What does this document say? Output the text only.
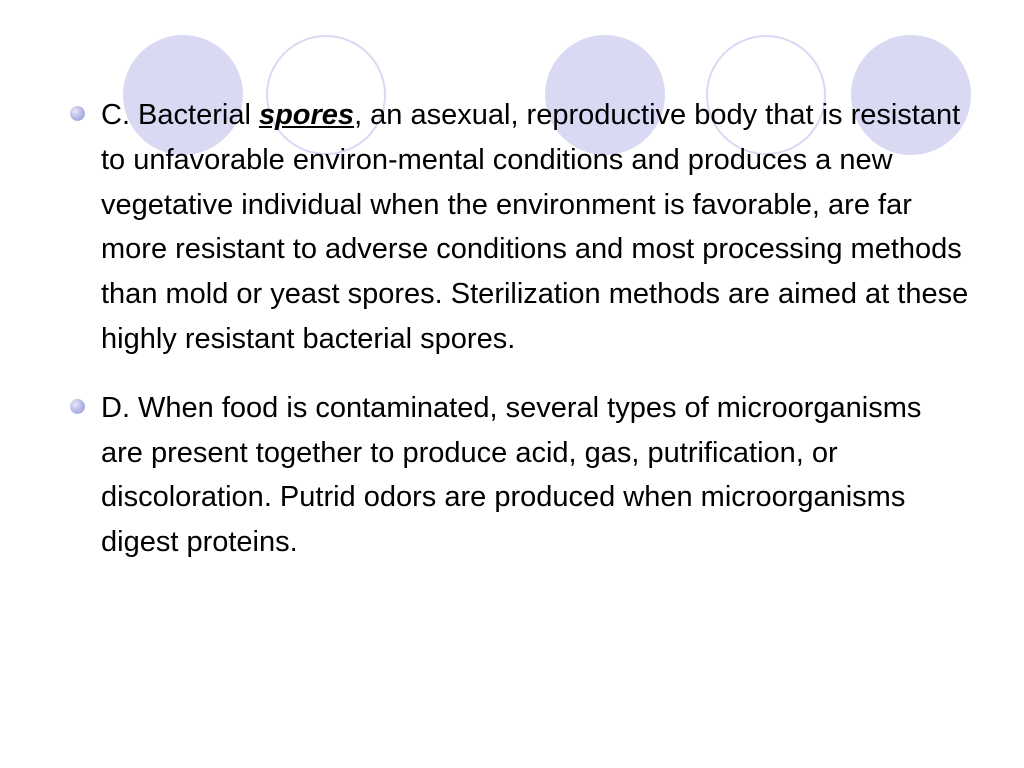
C. Bacterial spores, an asexual, reproductive body that is resistant to unfavorable environ-mental conditions and produces a new vegetative individual when the environment is favorable, are far more resistant to adverse conditions and most processing methods than mold or yeast spores. Sterilization methods are aimed at these highly resistant bacterial spores.
D. When food is contaminated, several types of microorganisms are present together to produce acid, gas, putrification, or discoloration. Putrid odors are produced when microorganisms digest proteins.
